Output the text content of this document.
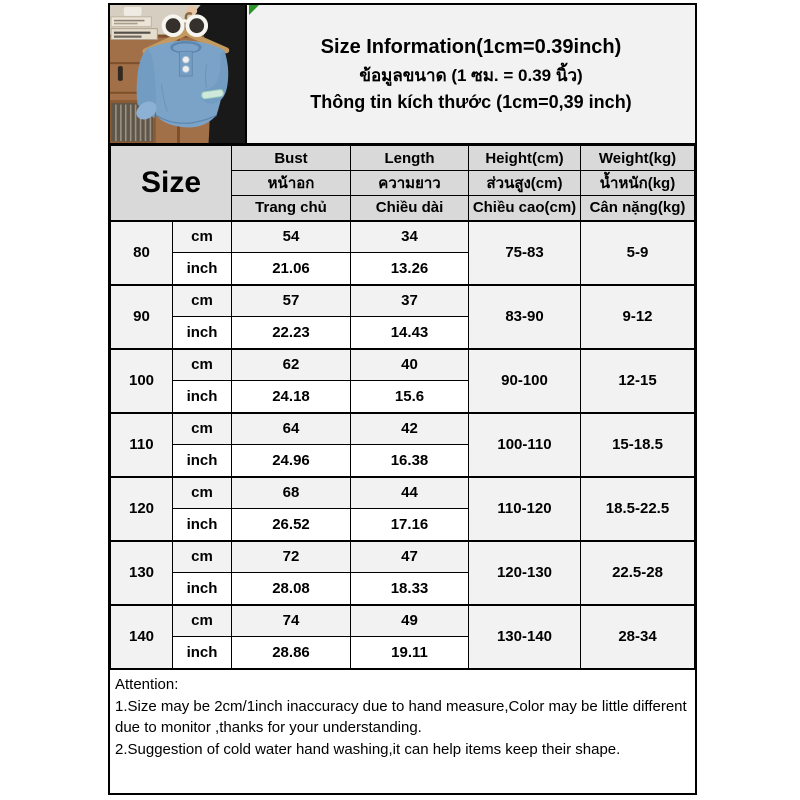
Size Information(1cm=0.39inch)
ข้อมูลขนาด (1 ซม. = 0.39 นิ้ว)
Thông tin kích thước (1cm=0,39 inch)
Size		Bust	Length	Height(cm)	Weight(kg)
		หน้าอก	ความยาว	ส่วนสูง(cm)	น้ำหนัก(kg)
		Trang chủ	Chiều dài	Chiều cao(cm)	Cân nặng(kg)
80	cm	54	34	75-83	5-9
	inch	21.06	13.26		
90	cm	57	37	83-90	9-12
	inch	22.23	14.43		
100	cm	62	40	90-100	12-15
	inch	24.18	15.6		
110	cm	64	42	100-110	15-18.5
	inch	24.96	16.38		
120	cm	68	44	110-120	18.5-22.5
	inch	26.52	17.16		
130	cm	72	47	120-130	22.5-28
	inch	28.08	18.33		
140	cm	74	49	130-140	28-34
	inch	28.86	19.11		
Attention:
1.Size may be 2cm/1inch inaccuracy due to hand measure,Color may be little different due to monitor ,thanks for your understanding.
2.Suggestion of cold water hand washing,it can help items keep their shape.
